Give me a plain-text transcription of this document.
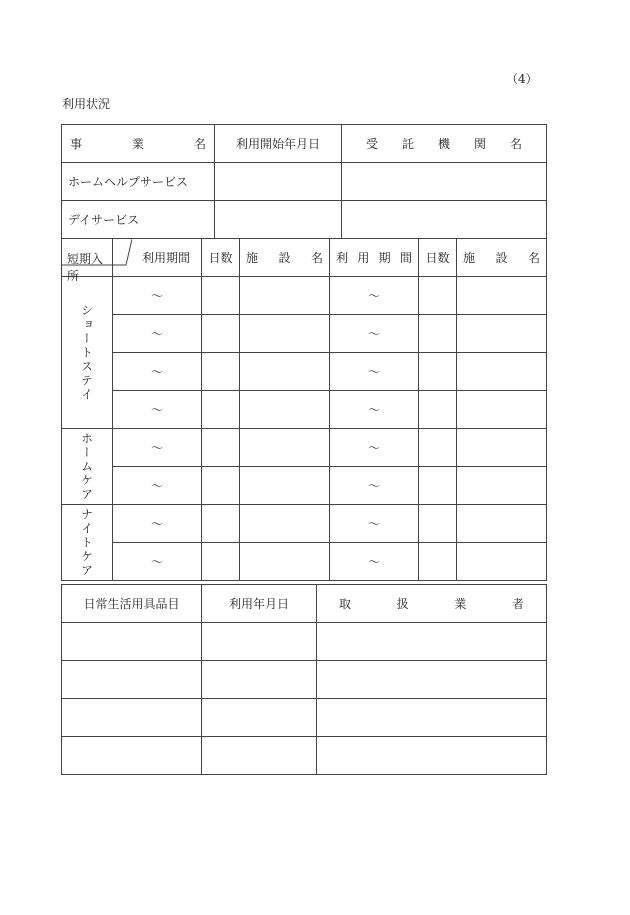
（4）
利用状況
事 業 名	利用開始年月日	受 託 機 関 名

ホームヘルプサービス		
デイサービス		
短期入所	利用期間	日数	施 設 名	利 用 期 間	日数	施 設 名

ショートステイ	～			～		
	～			～		
	～			～		
	～			～		

ホームケア	～			～		
	～			～		

ナイトケア	～			～		
	～			～		
日常生活用具品目	利用年月日	取 扱 業 者
